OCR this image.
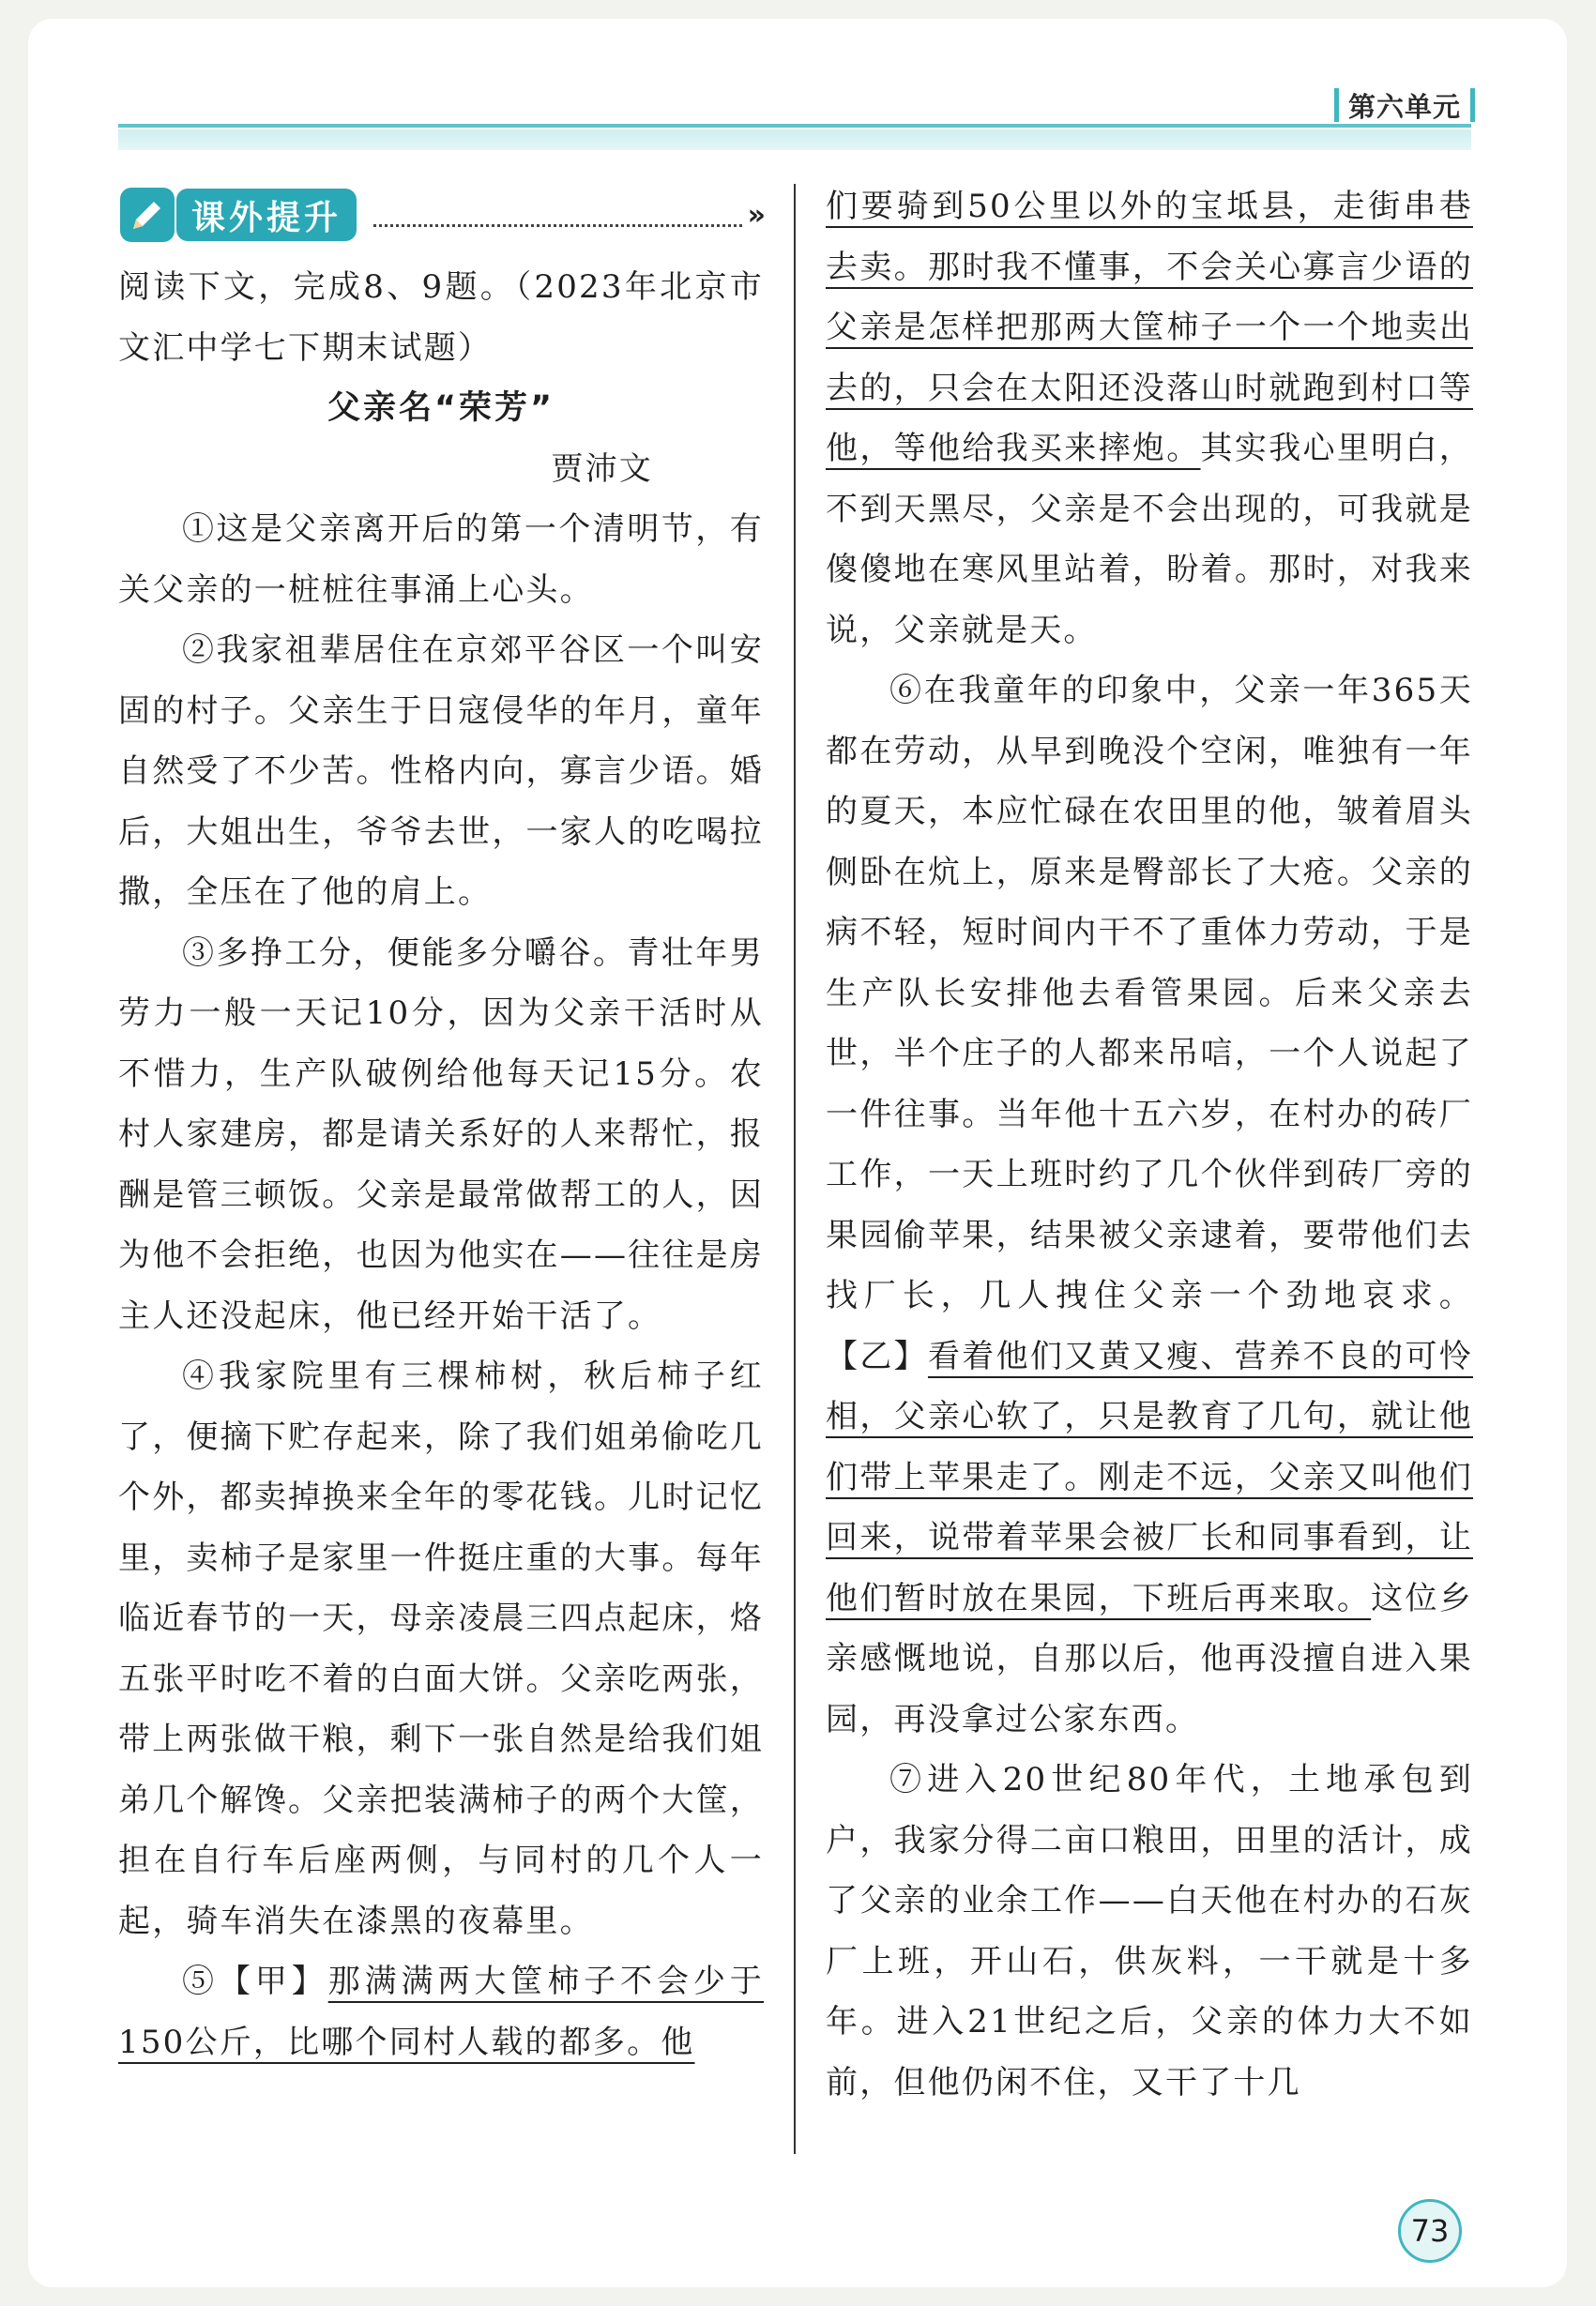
第六单元
课外提升	»

阅读下文，完成8、9题。（2023年北京市文汇中学七下期末试题）

父亲名“荣芳”

贾沛文

①这是父亲离开后的第一个清明节，有关父亲的一桩桩往事涌上心头。

②我家祖辈居住在京郊平谷区一个叫安固的村子。父亲生于日寇侵华的年月，童年自然受了不少苦。性格内向，寡言少语。婚后，大姐出生，爷爷去世，一家人的吃喝拉撒，全压在了他的肩上。

③多挣工分，便能多分嚼谷。青壮年男劳力一般一天记10分，因为父亲干活时从不惜力，生产队破例给他每天记15分。农村人家建房，都是请关系好的人来帮忙，报酬是管三顿饭。父亲是最常做帮工的人，因为他不会拒绝，也因为他实在——往往是房主人还没起床，他已经开始干活了。

④我家院里有三棵柿树，秋后柿子红了，便摘下贮存起来，除了我们姐弟偷吃几个外，都卖掉换来全年的零花钱。儿时记忆里，卖柿子是家里一件挺庄重的大事。每年临近春节的一天，母亲凌晨三四点起床，烙五张平时吃不着的白面大饼。父亲吃两张，带上两张做干粮，剩下一张自然是给我们姐弟几个解馋。父亲把装满柿子的两个大筐，担在自行车后座两侧，与同村的几个人一起，骑车消失在漆黑的夜幕里。

⑤【甲】那满满两大筐柿子不会少于150公斤，比哪个同村人载的都多。他

们要骑到50公里以外的宝坻县，走街串巷去卖。那时我不懂事，不会关心寡言少语的父亲是怎样把那两大筐柿子一个一个地卖出去的，只会在太阳还没落山时就跑到村口等他，等他给我买来摔炮。其实我心里明白，不到天黑尽，父亲是不会出现的，可我就是傻傻地在寒风里站着，盼着。那时，对我来说，父亲就是天。

⑥在我童年的印象中，父亲一年365天都在劳动，从早到晚没个空闲，唯独有一年的夏天，本应忙碌在农田里的他，皱着眉头侧卧在炕上，原来是臀部长了大疮。父亲的病不轻，短时间内干不了重体力劳动，于是生产队长安排他去看管果园。后来父亲去世，半个庄子的人都来吊唁，一个人说起了一件往事。当年他十五六岁，在村办的砖厂工作，一天上班时约了几个伙伴到砖厂旁的果园偷苹果，结果被父亲逮着，要带他们去找厂长，几人拽住父亲一个劲地哀求。【乙】看着他们又黄又瘦、营养不良的可怜相，父亲心软了，只是教育了几句，就让他们带上苹果走了。刚走不远，父亲又叫他们回来，说带着苹果会被厂长和同事看到，让他们暂时放在果园，下班后再来取。这位乡亲感慨地说，自那以后，他再没擅自进入果园，再没拿过公家东西。

⑦进入20世纪80年代，土地承包到户，我家分得二亩口粮田，田里的活计，成了父亲的业余工作——白天他在村办的石灰厂上班，开山石，供灰料，一干就是十多年。进入21世纪之后，父亲的体力大不如前，但他仍闲不住，又干了十几

73
